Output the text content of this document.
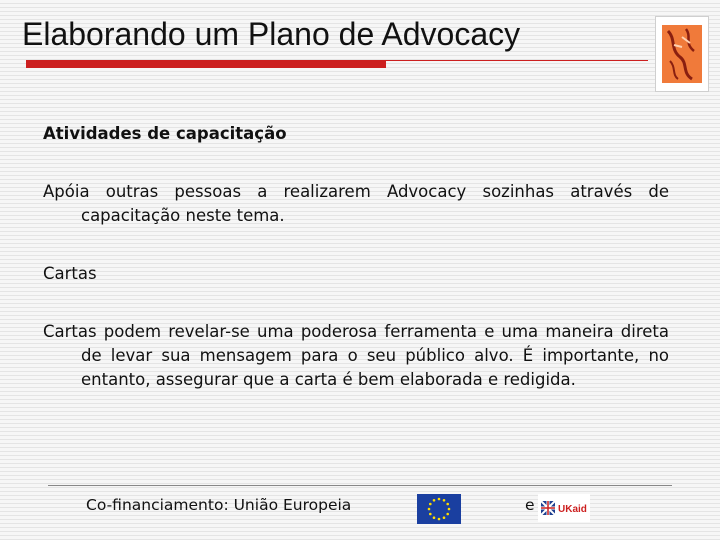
Elaborando um Plano de Advocacy

Atividades de capacitação

Apóia outras pessoas a realizarem Advocacy sozinhas através de capacitação neste tema.

Cartas

Cartas podem revelar-se uma poderosa ferramenta e uma maneira direta de levar sua mensagem para o seu público alvo. É importante, no entanto, assegurar que a carta é bem elaborada e redigida.

Co-financiamento: União Europeia	e UKaid
